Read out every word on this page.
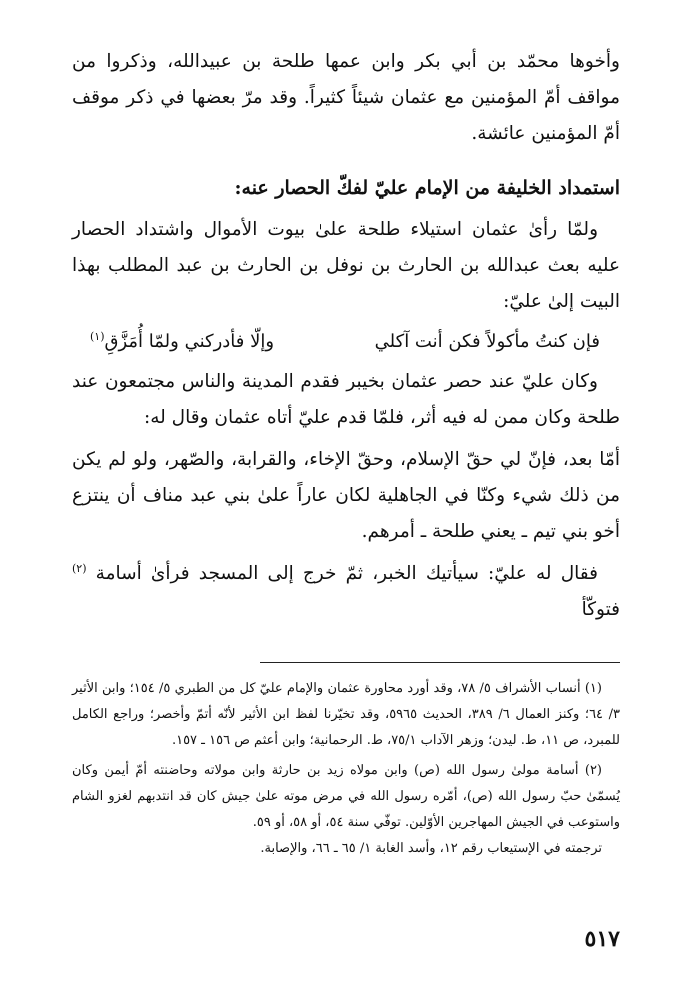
وأخوها محمّد بن أبي بكر وابن عمها طلحة بن عبيدالله، وذكروا من مواقف أمّ المؤمنين مع عثمان شيئاً كثيراً. وقد مرّ بعضها في ذكر موقف أمّ المؤمنين عائشة.

استمداد الخليفة من الإمام عليّ لفكّ الحصار عنه:

ولمّا رأىٰ عثمان استيلاء طلحة علىٰ بيوت الأموال واشتداد الحصار عليه بعث عبدالله بن الحارث بن نوفل بن الحارث بن عبد المطلب بهذا البيت إلىٰ عليّ:

فإن كنتُ مأكولاً فكن أنت آكلي
وإلّا فأدركني ولمّا أُمَزَّقِ$^{(١)}$

وكان عليّ عند حصر عثمان بخيبر فقدم المدينة والناس مجتمعون عند طلحة وكان ممن له فيه أثر، فلمّا قدم عليّ أتاه عثمان وقال له:

أمّا بعد، فإنّ لي حقّ الإسلام، وحقّ الإخاء، والقرابة، والصّهر، ولو لم يكن من ذلك شيء وكنّا في الجاهلية لكان عاراً علىٰ بني عبد مناف أن ينتزع أخو بني تيم ـ يعني طلحة ـ أمرهم.

فقال له عليّ: سيأتيك الخبر، ثمّ خرج إلى المسجد فرأىٰ أسامة $^{(٢)}$ فتوكّأ

(١) أنساب الأشراف ٥/ ٧٨، وقد أورد محاورة عثمان والإمام عليّ كل من الطبري ٥/ ١٥٤؛ وابن الأثير ٣/ ٦٤؛ وكنز العمال ٦/ ٣٨٩، الحديث ٥٩٦٥، وقد تخيّرنا لفظ ابن الأثير لأنّه أتمّ وأخصر؛ وراجع الكامل للمبرد، ص ١١، ط. ليدن؛ وزهر الآداب ٧٥/١، ط. الرحمانية؛ وابن أعثم ص ١٥٦ ـ ١٥٧.

(٢) أسامة مولىٰ رسول الله (ص) وابن مولاه زيد بن حارثة وابن مولاته وحاضنته أمّ أيمن وكان يُسمّىٰ حبّ رسول الله (ص)، أمّره رسول الله في مرض موته علىٰ جيش كان قد انتدبهم لغزو الشام واستوعب في الجيش المهاجرين الأوّلين. توفّي سنة ٥٤، أو ٥٨، أو ٥٩.

ترجمته في الإستيعاب رقم ١٢، وأسد الغابة ١/ ٦٥ ـ ٦٦، والإصابة.

٥١٧
